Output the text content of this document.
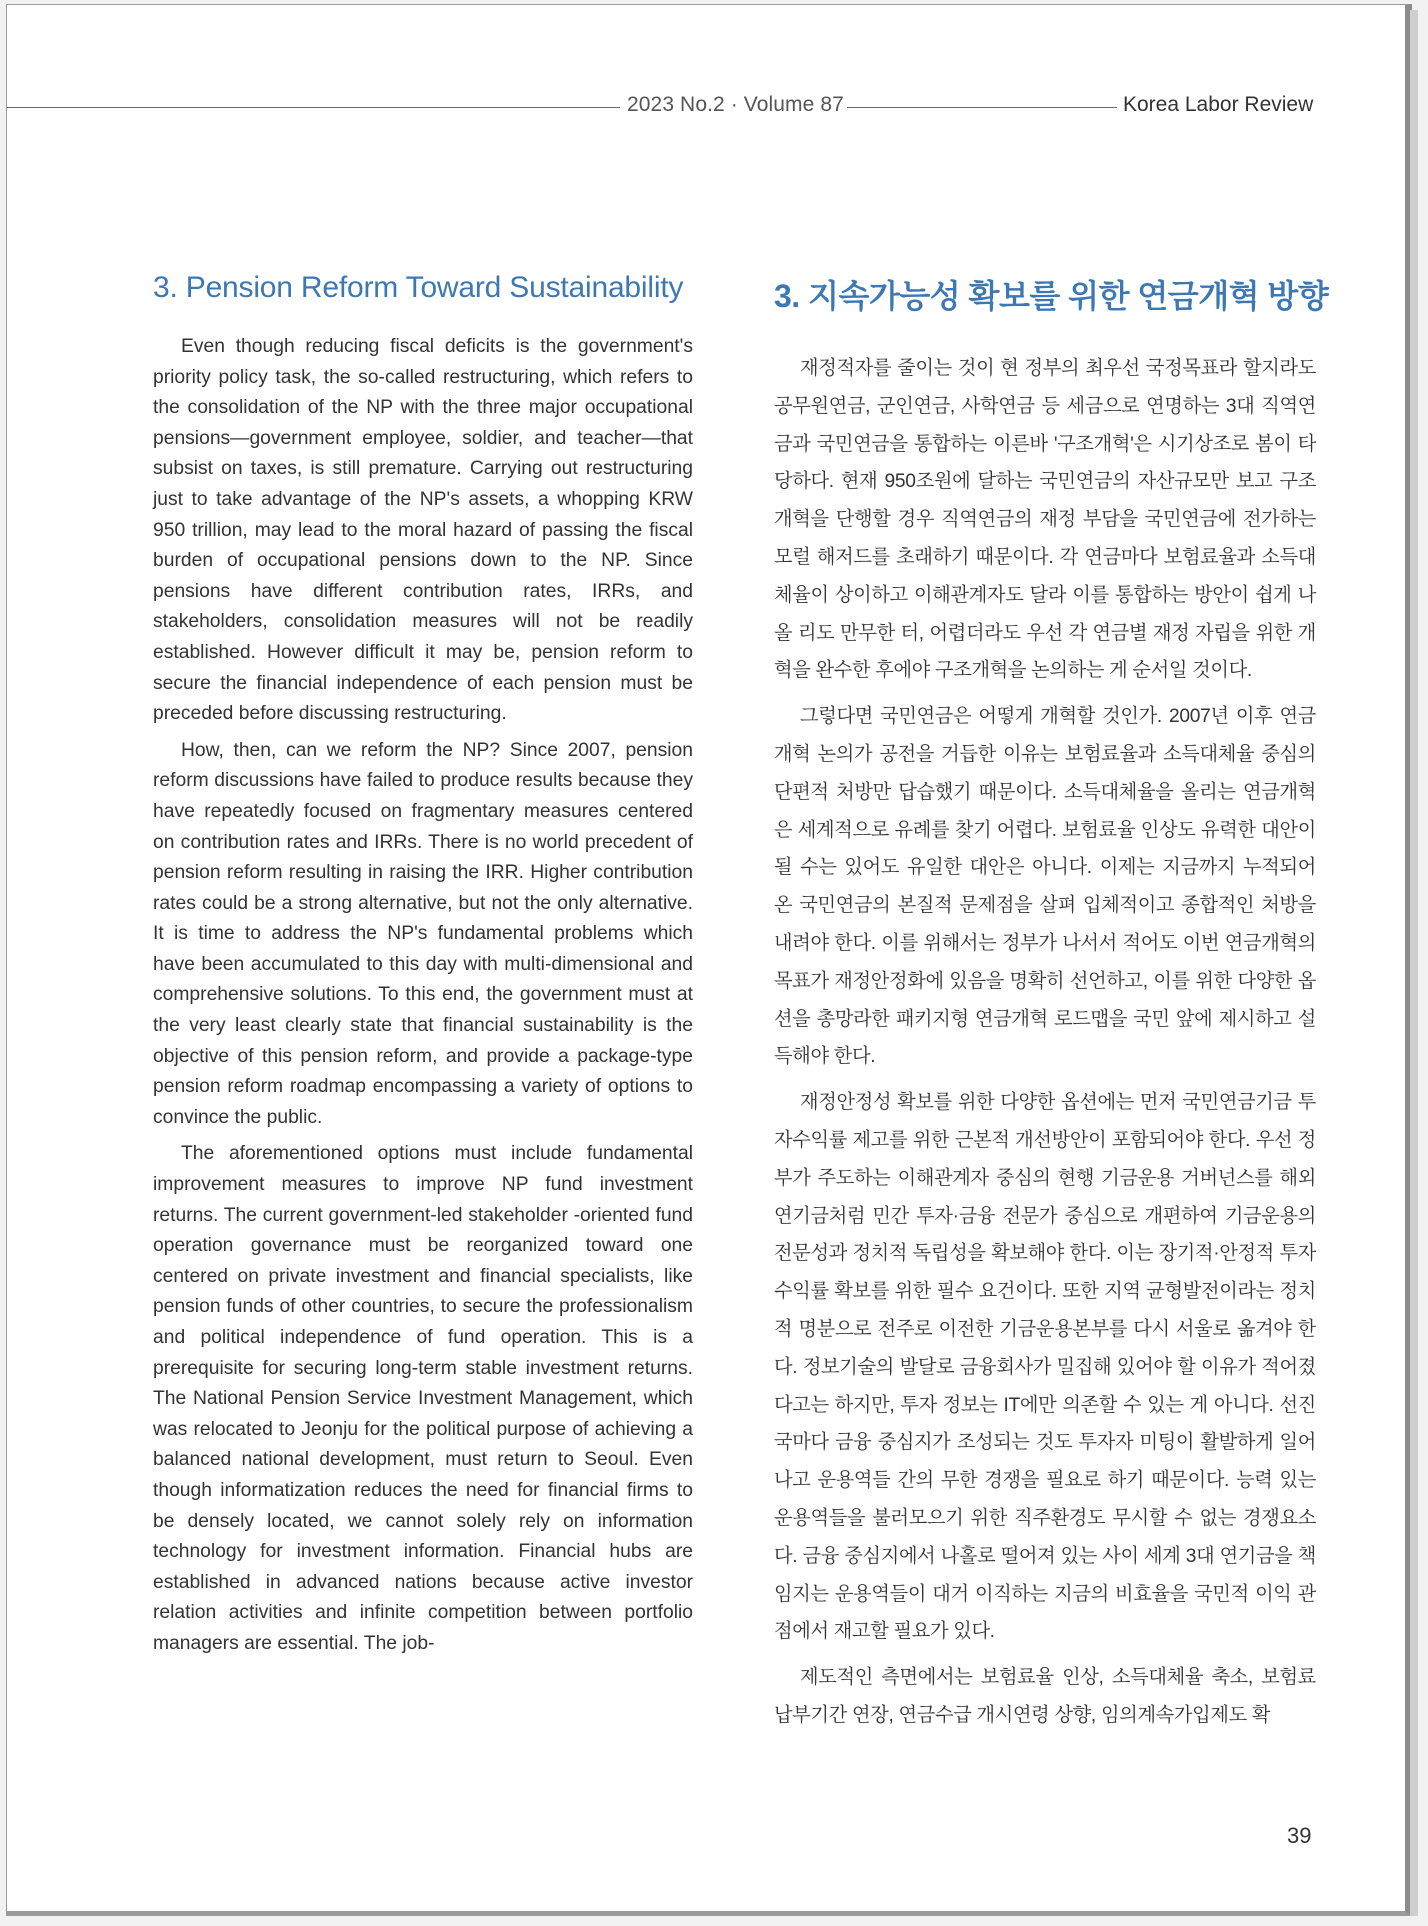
2023 No.2 · Volume 87	Korea Labor Review
3. Pension Reform Toward Sustainability

Even though reducing fiscal deficits is the government's priority policy task, the so-called restructuring, which refers to the consolidation of the NP with the three major occupational pensions—government employee, soldier, and teacher—that subsist on taxes, is still premature. Carrying out restructuring just to take advantage of the NP's assets, a whopping KRW 950 trillion, may lead to the moral hazard of passing the fiscal burden of occupational pensions down to the NP. Since pensions have different contribution rates, IRRs, and stakeholders, consolidation measures will not be readily established. However difficult it may be, pension reform to secure the financial independence of each pension must be preceded before discussing restructuring.

How, then, can we reform the NP? Since 2007, pension reform discussions have failed to produce results because they have repeatedly focused on fragmentary measures centered on contribution rates and IRRs. There is no world precedent of pension reform resulting in raising the IRR. Higher contribution rates could be a strong alternative, but not the only alternative. It is time to address the NP's fundamental problems which have been accumulated to this day with multi-dimensional and comprehensive solutions. To this end, the government must at the very least clearly state that financial sustainability is the objective of this pension reform, and provide a package-type pension reform roadmap encompassing a variety of options to convince the public.

The aforementioned options must include fundamental improvement measures to improve NP fund investment returns. The current government-led stakeholder -oriented fund operation governance must be reorganized toward one centered on private investment and financial specialists, like pension funds of other countries, to secure the professionalism and political independence of fund operation. This is a prerequisite for securing long-term stable investment returns. The National Pension Service Investment Management, which was relocated to Jeonju for the political purpose of achieving a balanced national development, must return to Seoul. Even though informatization reduces the need for financial firms to be densely located, we cannot solely rely on information technology for investment information. Financial hubs are established in advanced nations because active investor relation activities and infinite competition between portfolio managers are essential. The job-

3. 지속가능성 확보를 위한 연금개혁 방향

재정적자를 줄이는 것이 현 정부의 최우선 국정목표라 할지라도 공무원연금, 군인연금, 사학연금 등 세금으로 연명하는 3대 직역연금과 국민연금을 통합하는 이른바 '구조개혁'은 시기상조로 봄이 타당하다. 현재 950조원에 달하는 국민연금의 자산규모만 보고 구조개혁을 단행할 경우 직역연금의 재정 부담을 국민연금에 전가하는 모럴 해저드를 초래하기 때문이다. 각 연금마다 보험료율과 소득대체율이 상이하고 이해관계자도 달라 이를 통합하는 방안이 쉽게 나올 리도 만무한 터, 어렵더라도 우선 각 연금별 재정 자립을 위한 개혁을 완수한 후에야 구조개혁을 논의하는 게 순서일 것이다.

그렇다면 국민연금은 어떻게 개혁할 것인가. 2007년 이후 연금개혁 논의가 공전을 거듭한 이유는 보험료율과 소득대체율 중심의 단편적 처방만 답습했기 때문이다. 소득대체율을 올리는 연금개혁은 세계적으로 유례를 찾기 어렵다. 보험료율 인상도 유력한 대안이 될 수는 있어도 유일한 대안은 아니다. 이제는 지금까지 누적되어 온 국민연금의 본질적 문제점을 살펴 입체적이고 종합적인 처방을 내려야 한다. 이를 위해서는 정부가 나서서 적어도 이번 연금개혁의 목표가 재정안정화에 있음을 명확히 선언하고, 이를 위한 다양한 옵션을 총망라한 패키지형 연금개혁 로드맵을 국민 앞에 제시하고 설득해야 한다.

재정안정성 확보를 위한 다양한 옵션에는 먼저 국민연금기금 투자수익률 제고를 위한 근본적 개선방안이 포함되어야 한다. 우선 정부가 주도하는 이해관계자 중심의 현행 기금운용 거버넌스를 해외 연기금처럼 민간 투자·금융 전문가 중심으로 개편하여 기금운용의 전문성과 정치적 독립성을 확보해야 한다. 이는 장기적·안정적 투자수익률 확보를 위한 필수 요건이다. 또한 지역 균형발전이라는 정치적 명분으로 전주로 이전한 기금운용본부를 다시 서울로 옮겨야 한다. 정보기술의 발달로 금융회사가 밀집해 있어야 할 이유가 적어졌다고는 하지만, 투자 정보는 IT에만 의존할 수 있는 게 아니다. 선진국마다 금융 중심지가 조성되는 것도 투자자 미팅이 활발하게 일어나고 운용역들 간의 무한 경쟁을 필요로 하기 때문이다. 능력 있는 운용역들을 불러모으기 위한 직주환경도 무시할 수 없는 경쟁요소다. 금융 중심지에서 나홀로 떨어져 있는 사이 세계 3대 연기금을 책임지는 운용역들이 대거 이직하는 지금의 비효율을 국민적 이익 관점에서 재고할 필요가 있다.

제도적인 측면에서는 보험료율 인상, 소득대체율 축소, 보험료 납부기간 연장, 연금수급 개시연령 상향, 임의계속가입제도 확

39
